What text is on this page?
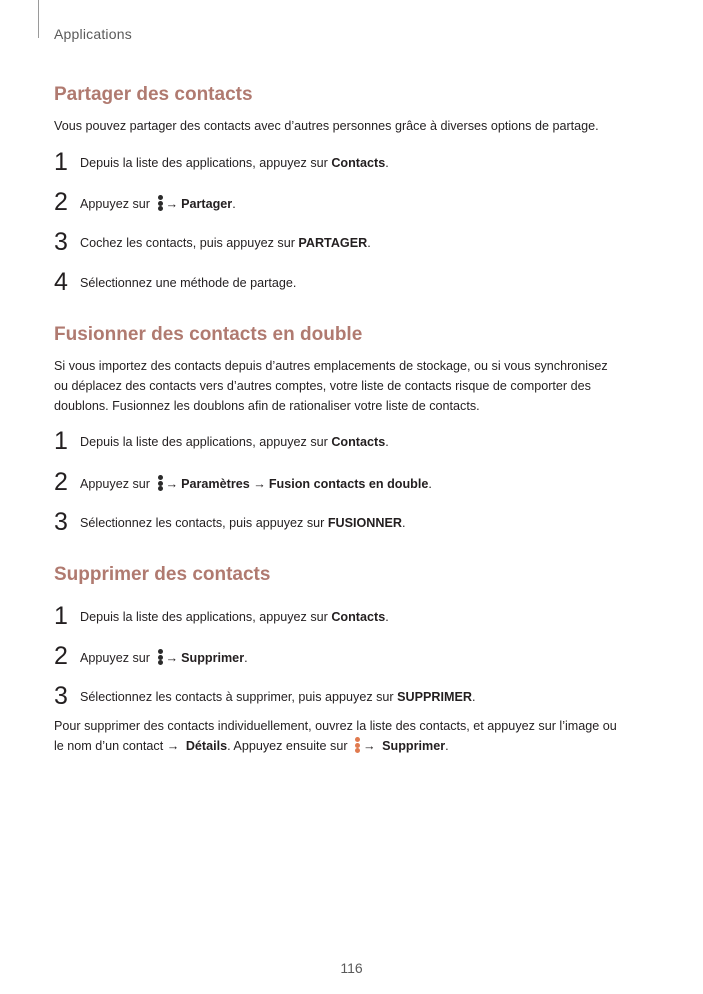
Applications
Partager des contacts

Vous pouvez partager des contacts avec d’autres personnes grâce à diverses options de partage.

1 Depuis la liste des applications, appuyez sur Contacts.
2 Appuyez sur
→ Partager.
3 Cochez les contacts, puis appuyez sur PARTAGER.
4 Sélectionnez une méthode de partage.
Fusionner des contacts en double

Si vous importez des contacts depuis d’autres emplacements de stockage, ou si vous synchronisez

ou déplacez des contacts vers d’autres comptes, votre liste de contacts risque de comporter des

doublons. Fusionnez les doublons afin de rationaliser votre liste de contacts.

1 Depuis la liste des applications, appuyez sur Contacts.
2 Appuyez sur
→ Paramètres → Fusion contacts en double.
3 Sélectionnez les contacts, puis appuyez sur FUSIONNER.
Supprimer des contacts
1 Depuis la liste des applications, appuyez sur Contacts.
2 Appuyez sur
→ Supprimer.
3 Sélectionnez les contacts à supprimer, puis appuyez sur SUPPRIMER.

Pour supprimer des contacts individuellement, ouvrez la liste des contacts, et appuyez sur l’image ou

le nom d’un contact → Détails. Appuyez ensuite sur
→ Supprimer.

116
